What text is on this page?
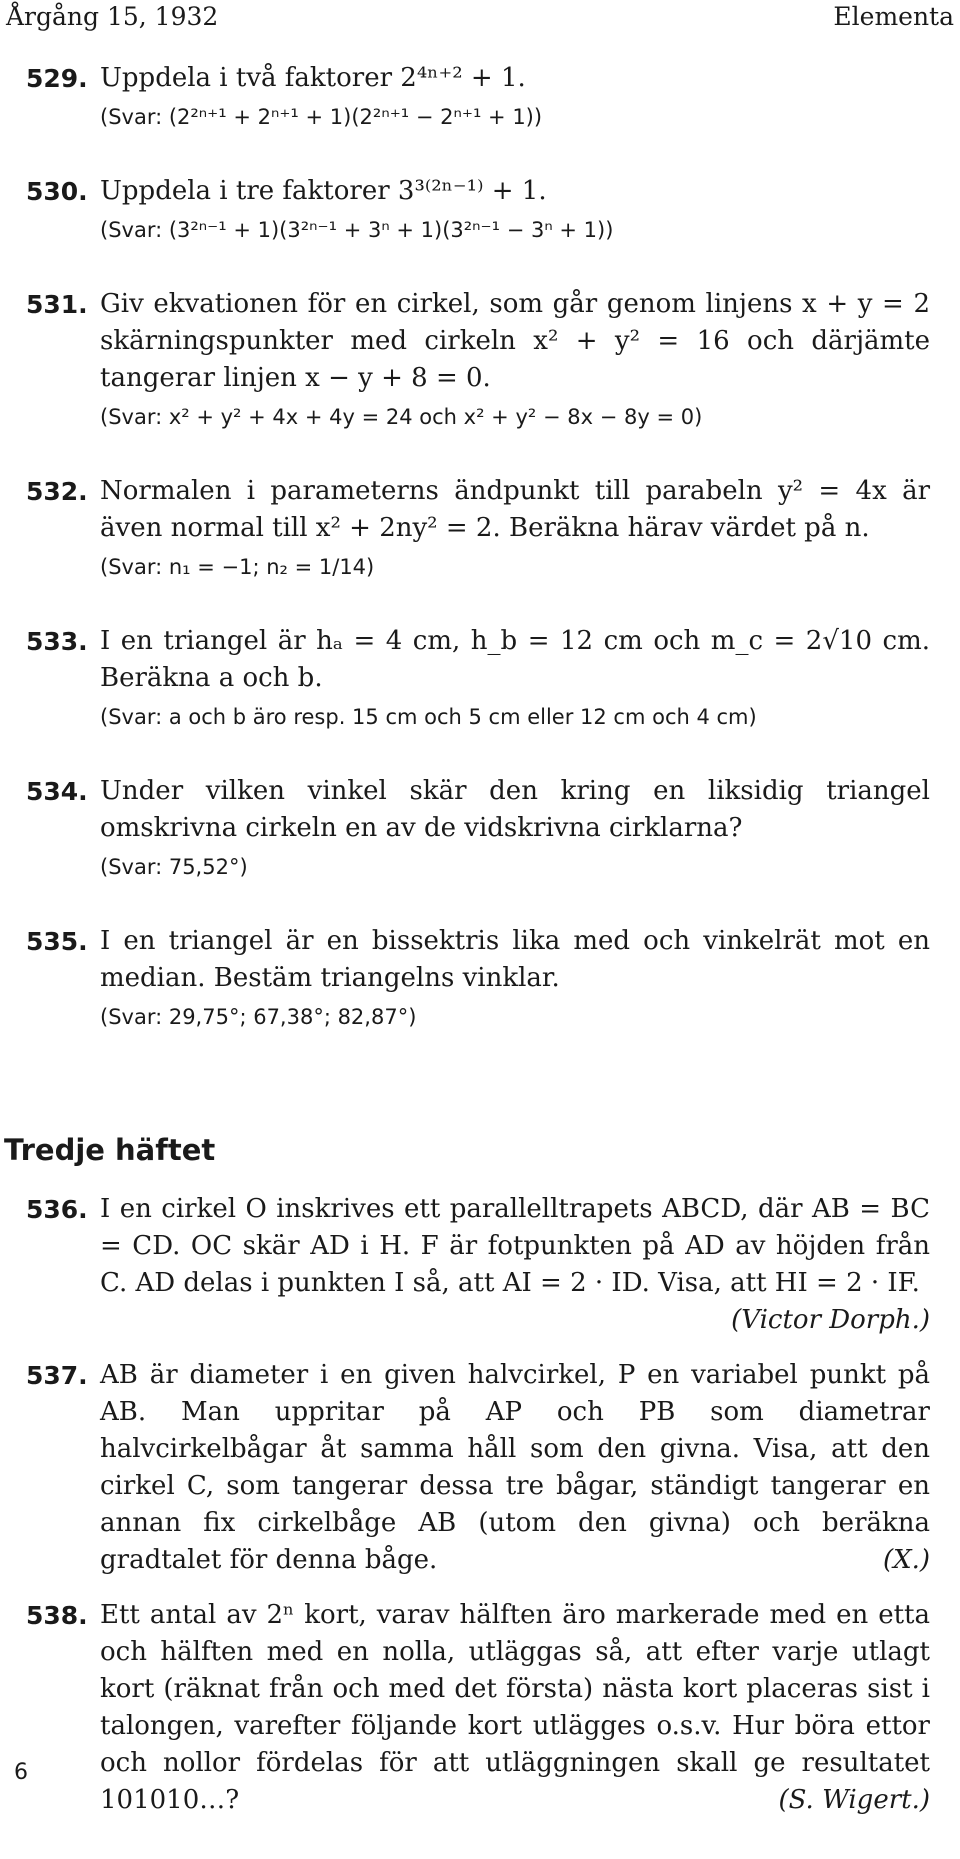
Årgång 15, 1932	Elementa
529. Uppdela i två faktorer 2⁴ⁿ⁺² + 1.

(Svar: (2²ⁿ⁺¹ + 2ⁿ⁺¹ + 1)(2²ⁿ⁺¹ − 2ⁿ⁺¹ + 1))

530. Uppdela i tre faktorer 3³⁽²ⁿ⁻¹⁾ + 1.

(Svar: (3²ⁿ⁻¹ + 1)(3²ⁿ⁻¹ + 3ⁿ + 1)(3²ⁿ⁻¹ − 3ⁿ + 1))

531. Giv ekvationen för en cirkel, som går genom linjens x + y = 2 skärningspunkter med cirkeln x² + y² = 16 och därjämte tangerar linjen x − y + 8 = 0.

(Svar: x² + y² + 4x + 4y = 24 och x² + y² − 8x − 8y = 0)

532. Normalen i parameterns ändpunkt till parabeln y² = 4x är även normal till x² + 2ny² = 2. Beräkna härav värdet på n.

(Svar: n₁ = −1; n₂ = 1/14)

533. I en triangel är hₐ = 4 cm, h_b = 12 cm och m_c = 2√10 cm. Beräkna a och b.

(Svar: a och b äro resp. 15 cm och 5 cm eller 12 cm och 4 cm)

534. Under vilken vinkel skär den kring en liksidig triangel omskrivna cirkeln en av de vidskrivna cirklarna?

(Svar: 75,52°)

535. I en triangel är en bissektris lika med och vinkelrät mot en median. Bestäm triangelns vinklar.

(Svar: 29,75°; 67,38°; 82,87°)

Tredje häftet
536. I en cirkel O inskrives ett parallelltrapets ABCD, där AB = BC = CD. OC skär AD i H. F är fotpunkten på AD av höjden från C. AD delas i punkten I så, att AI = 2 · ID. Visa, att HI = 2 · IF.

(Victor Dorph.)
537. AB är diameter i en given halvcirkel, P en variabel punkt på AB. Man uppritar på AP och PB som diametrar halvcirkelbågar åt samma håll som den givna. Visa, att den cirkel C, som tangerar dessa tre bågar, ständigt tangerar en annan fix cirkelbåge AB (utom den givna) och beräkna gradtalet för denna båge.	(X.)

538. Ett antal av 2ⁿ kort, varav hälften äro markerade med en etta och hälften med en nolla, utläggas så, att efter varje utlagt kort (räknat från och med det första) nästa kort placeras sist i talongen, varefter följande kort utlägges o.s.v. Hur böra ettor och nollor fördelas för att utläggningen skall ge resultatet 101010…?	(S. Wigert.)

6
